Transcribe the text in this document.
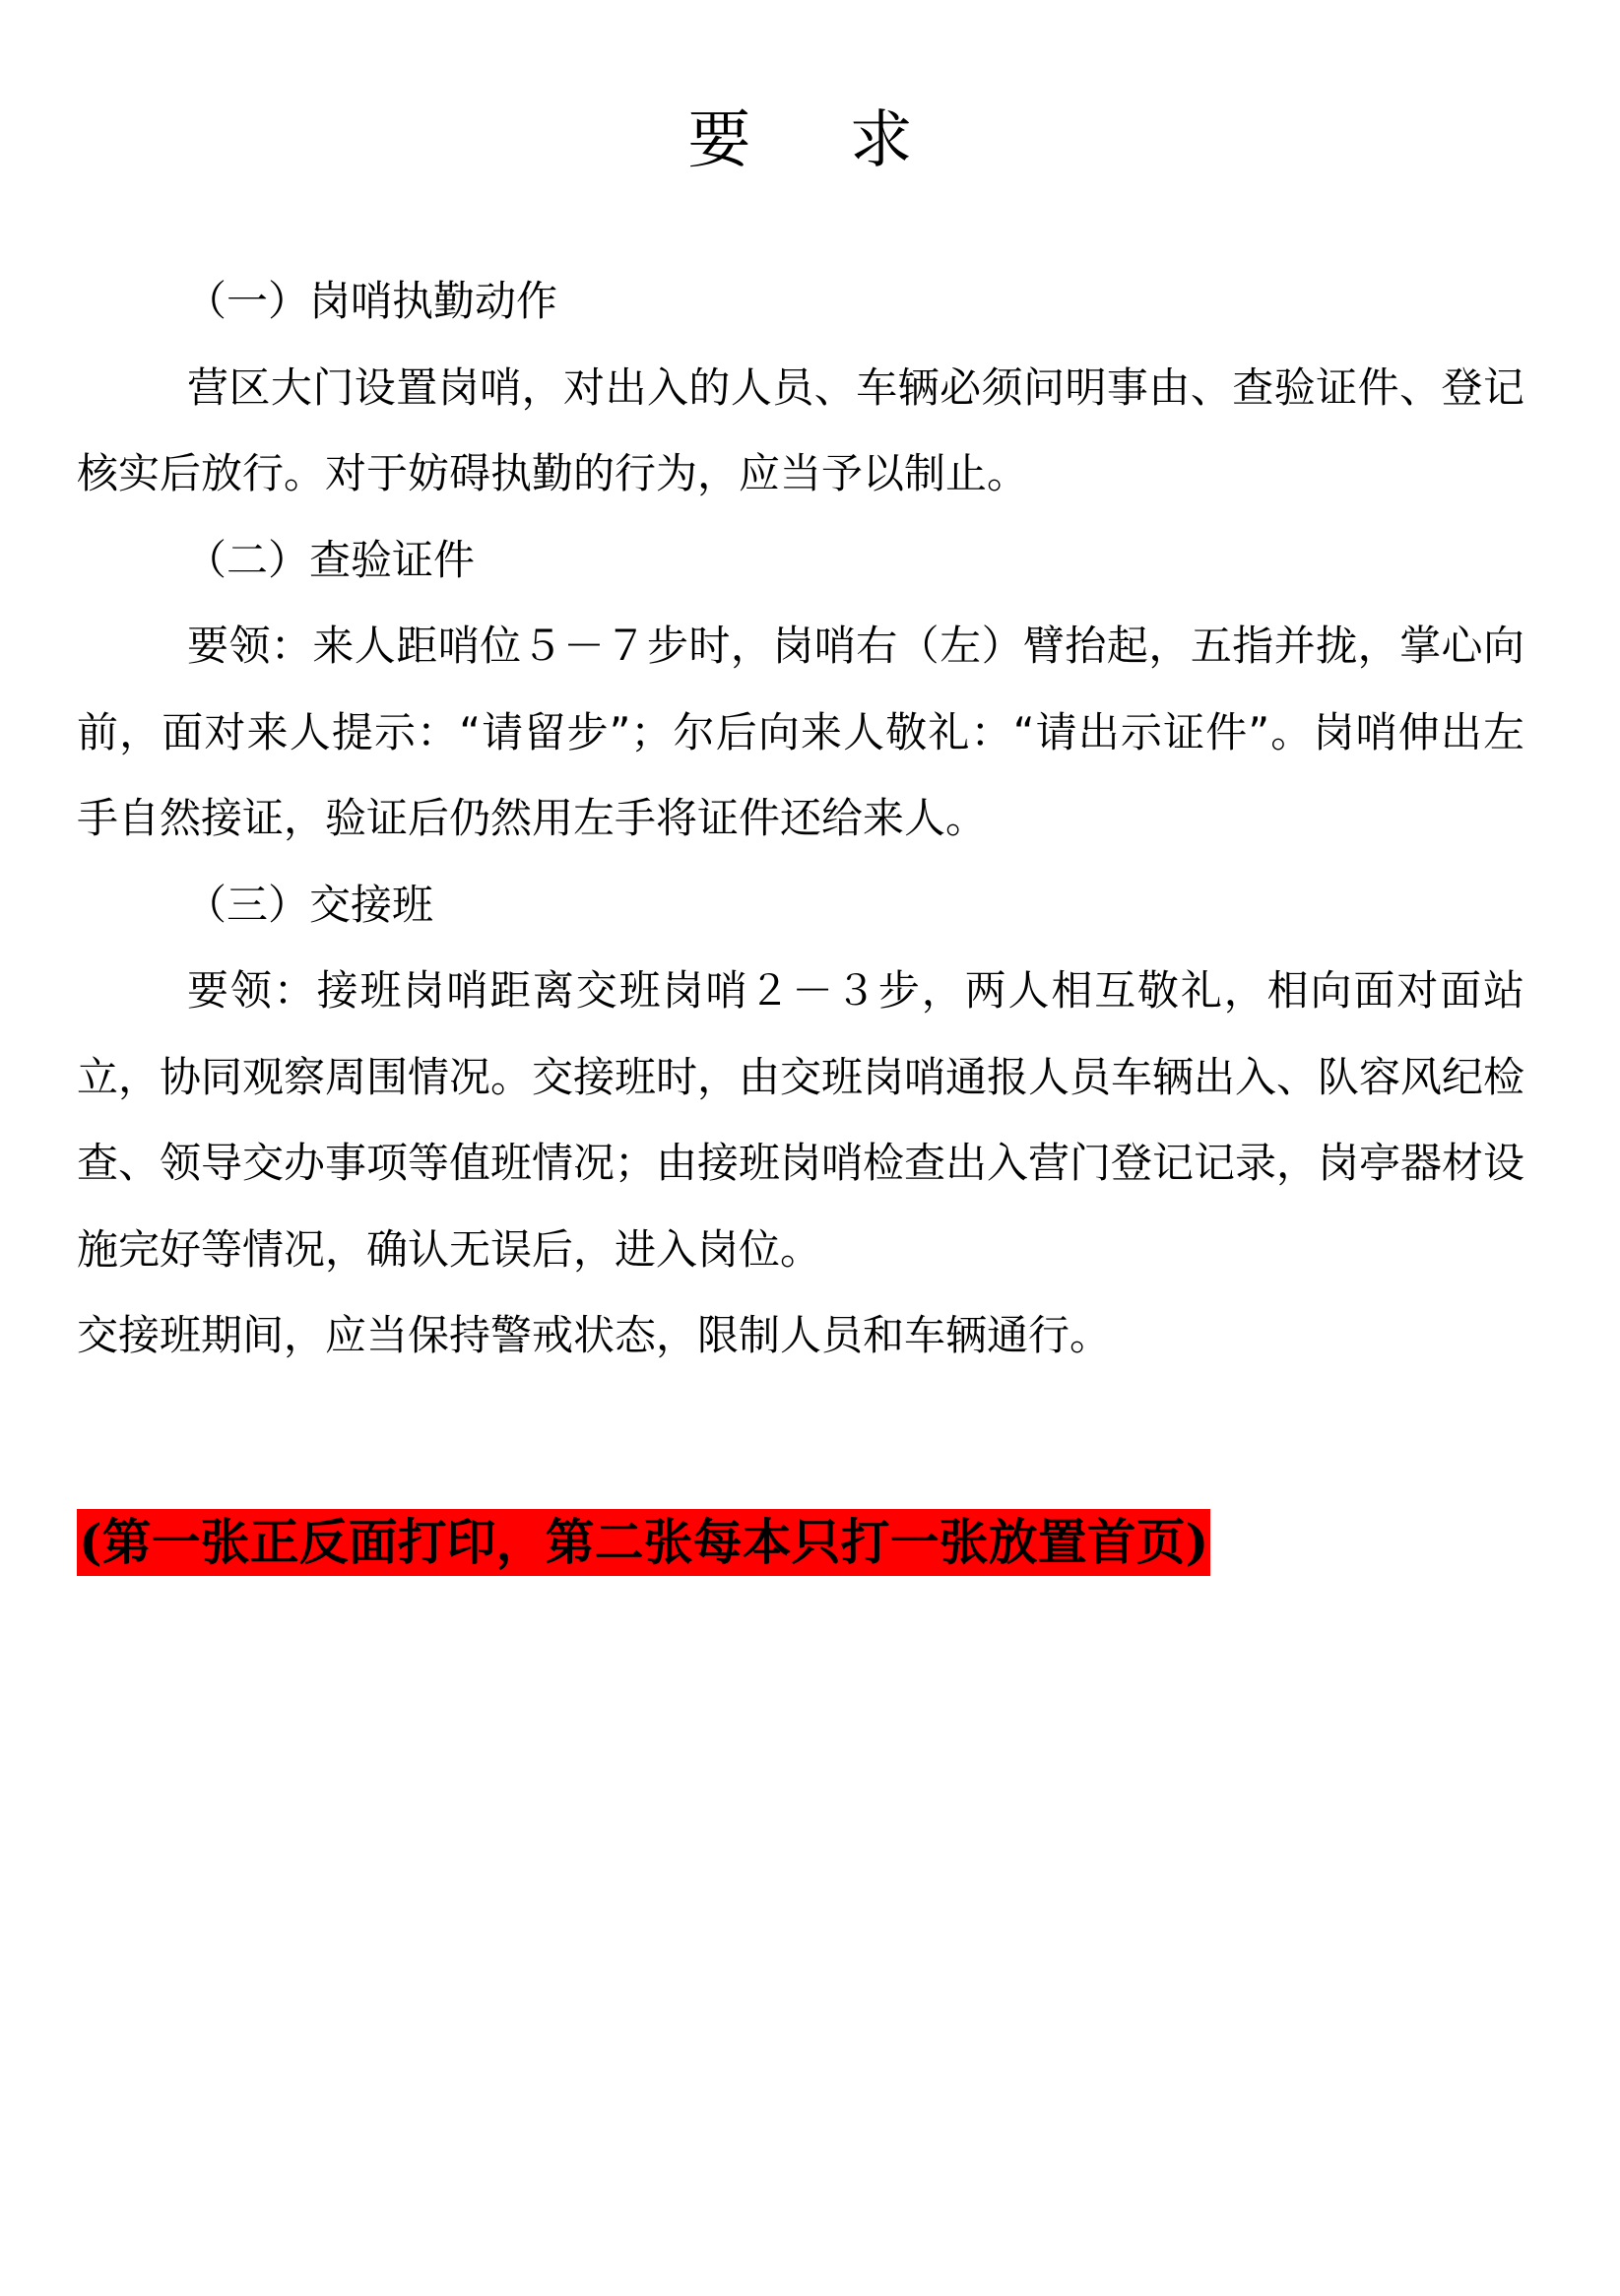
要 求

（一）岗哨执勤动作

营区大门设置岗哨，对出入的人员、车辆必须问明事由、查验证件、登记核实后放行。对于妨碍执勤的行为，应当予以制止。

（二）查验证件

要领：来人距哨位５－７步时，岗哨右（左）臂抬起，五指并拢，掌心向前，面对来人提示：“请留步”；尔后向来人敬礼：“请出示证件”。岗哨伸出左手自然接证，验证后仍然用左手将证件还给来人。

（三）交接班

要领：接班岗哨距离交班岗哨２－３步，两人相互敬礼，相向面对面站立，协同观察周围情况。交接班时，由交班岗哨通报人员车辆出入、队容风纪检查、领导交办事项等值班情况；由接班岗哨检查出入营门登记记录，岗亭器材设施完好等情况，确认无误后，进入岗位。

交接班期间，应当保持警戒状态，限制人员和车辆通行。

(第一张正反面打印，第二张每本只打一张放置首页)
